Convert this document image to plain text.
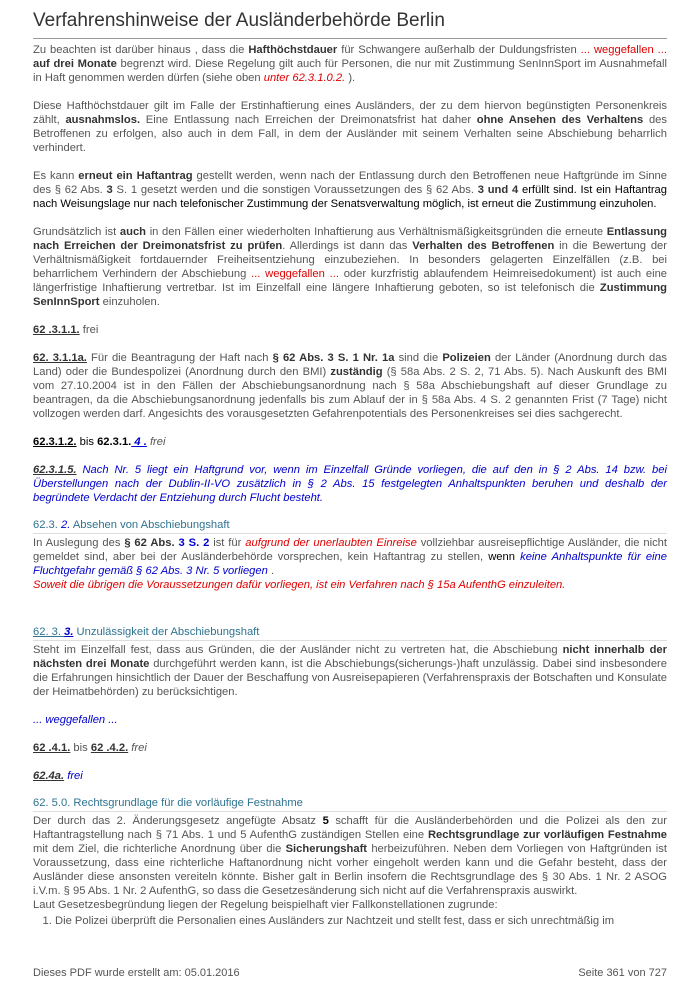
Verfahrenshinweise der Ausländerbehörde Berlin

Zu beachten ist darüber hinaus , dass die Hafthöchstdauer für Schwangere außerhalb der Duldungsfristen ... weggefallen ... auf drei Monate begrenzt wird. Diese Regelung gilt auch für Personen, die nur mit Zustimmung SenInnSport im Ausnahmefall in Haft genommen werden dürfen (siehe oben unter 62.3.1.0.2. ).

Diese Hafthöchstdauer gilt im Falle der Erstinhaftierung eines Ausländers, der zu dem hiervon begünstigten Personenkreis zählt, ausnahmslos. Eine Entlassung nach Erreichen der Dreimonatsfrist hat daher ohne Ansehen des Verhaltens des Betroffenen zu erfolgen, also auch in dem Fall, in dem der Ausländer mit seinem Verhalten seine Abschiebung beharrlich verhindert.

Es kann erneut ein Haftantrag gestellt werden, wenn nach der Entlassung durch den Betroffenen neue Haftgründe im Sinne des § 62 Abs. 3 S. 1 gesetzt werden und die sonstigen Voraussetzungen des § 62 Abs. 3 und 4 erfüllt sind. Ist ein Haftantrag nach Weisungslage nur nach telefonischer Zustimmung der Senatsverwaltung möglich, ist erneut die Zustimmung einzuholen.

Grundsätzlich ist auch in den Fällen einer wiederholten Inhaftierung aus Verhältnismäßigkeitsgründen die erneute Entlassung nach Erreichen der Dreimonatsfrist zu prüfen. Allerdings ist dann das Verhalten des Betroffenen in die Bewertung der Verhältnismäßigkeit fortdauernder Freiheitsentziehung einzubeziehen. In besonders gelagerten Einzelfällen (z.B. bei beharrlichem Verhindern der Abschiebung ... weggefallen ... oder kurzfristig ablaufendem Heimreisedokument) ist auch eine längerfristige Inhaftierung vertretbar. Ist im Einzelfall eine längere Inhaftierung geboten, so ist telefonisch die Zustimmung SenInnSport einzuholen.

62 .3.1.1. frei

62. 3.1.1a. Für die Beantragung der Haft nach § 62 Abs. 3 S. 1 Nr. 1a sind die Polizeien der Länder (Anordnung durch das Land) oder die Bundespolizei (Anordnung durch den BMI) zuständig (§ 58a Abs. 2 S. 2, 71 Abs. 5). Nach Auskunft des BMI vom 27.10.2004 ist in den Fällen der Abschiebungsanordnung nach § 58a Abschiebungshaft auf dieser Grundlage zu beantragen, da die Abschiebungsanordnung jedenfalls bis zum Ablauf der in § 58a Abs. 4 S. 2 genannten Frist (7 Tage) nicht vollzogen werden darf. Angesichts des vorausgesetzten Gefahrenpotentials des Personenkreises sei dies sachgerecht.

62.3.1.2. bis 62.3.1. 4 . frei

62.3.1.5. Nach Nr. 5 liegt ein Haftgrund vor, wenn im Einzelfall Gründe vorliegen, die auf den in § 2 Abs. 14 bzw. bei Überstellungen nach der Dublin-II-VO zusätzlich in § 2 Abs. 15 festgelegten Anhaltspunkten beruhen und deshalb der begründete Verdacht der Entziehung durch Flucht besteht.

62.3. 2. Absehen von Abschiebungshaft

In Auslegung des § 62 Abs. 3 S. 2 ist für aufgrund der unerlaubten Einreise vollziehbar ausreisepflichtige Ausländer, die nicht gemeldet sind, aber bei der Ausländerbehörde vorsprechen, kein Haftantrag zu stellen, wenn keine Anhaltspunkte für eine Fluchtgefahr gemäß § 62 Abs. 3 Nr. 5 vorliegen .
Soweit die übrigen die Voraussetzungen dafür vorliegen, ist ein Verfahren nach § 15a AufenthG einzuleiten.

62. 3. 3. Unzulässigkeit der Abschiebungshaft

Steht im Einzelfall fest, dass aus Gründen, die der Ausländer nicht zu vertreten hat, die Abschiebung nicht innerhalb der nächsten drei Monate durchgeführt werden kann, ist die Abschiebungs(sicherungs-)haft unzulässig. Dabei sind insbesondere die Erfahrungen hinsichtlich der Dauer der Beschaffung von Ausreisepapieren (Verfahrenspraxis der Botschaften und Konsulate der Heimatbehörden) zu berücksichtigen.

... weggefallen ...

62 .4.1. bis 62 .4.2. frei

62.4a. frei

62. 5.0. Rechtsgrundlage für die vorläufige Festnahme

Der durch das 2. Änderungsgesetz angefügte Absatz 5 schafft für die Ausländerbehörden und die Polizei als den zur Haftantragstellung nach § 71 Abs. 1 und 5 AufenthG zuständigen Stellen eine Rechtsgrundlage zur vorläufigen Festnahme mit dem Ziel, die richterliche Anordnung über die Sicherungshaft herbeizuführen. Neben dem Vorliegen von Haftgründen ist Voraussetzung, dass eine richterliche Haftanordnung nicht vorher eingeholt werden kann und die Gefahr besteht, dass der Ausländer diese ansonsten vereiteln könnte. Bisher galt in Berlin insofern die Rechtsgrundlage des § 30 Abs. 1 Nr. 2 ASOG i.V.m. § 95 Abs. 1 Nr. 2 AufenthG, so dass die Gesetzesänderung sich nicht auf die Verfahrenspraxis auswirkt.
Laut Gesetzesbegründung liegen der Regelung beispielhaft vier Fallkonstellationen zugrunde:

1. Die Polizei überprüft die Personalien eines Ausländers zur Nachtzeit und stellt fest, dass er sich unrechtmäßig im
Dieses PDF wurde erstellt am: 05.01.2016	Seite 361 von 727
